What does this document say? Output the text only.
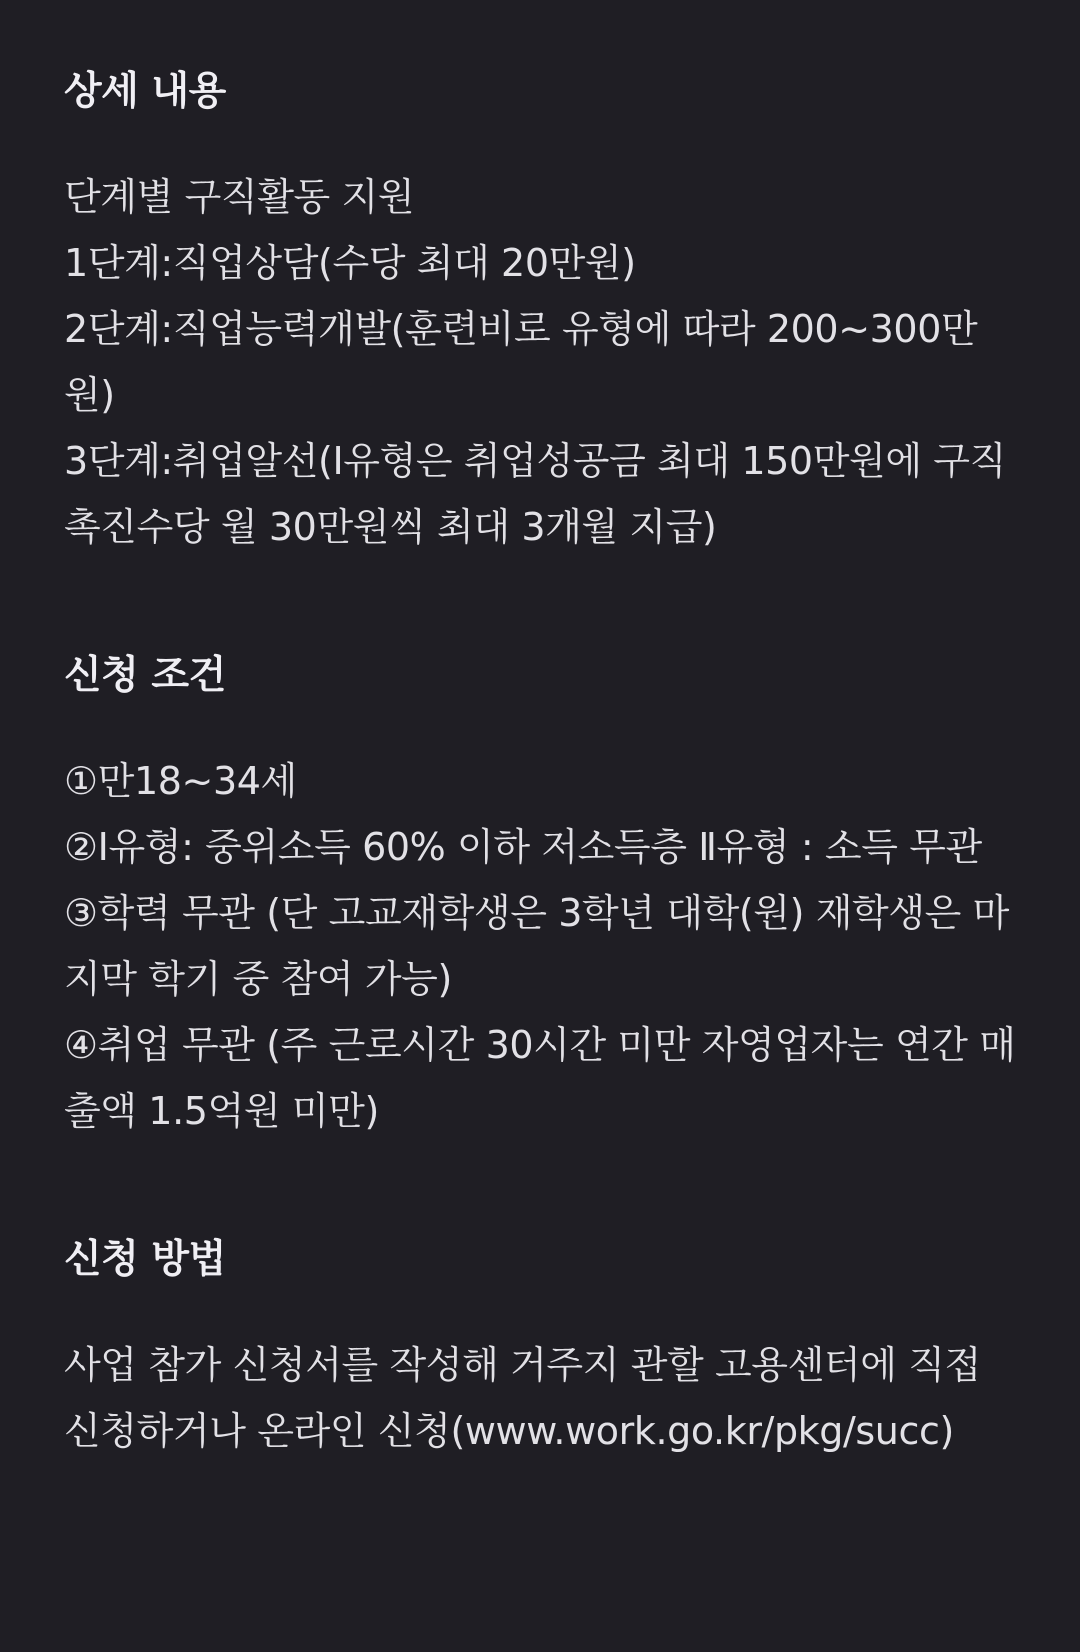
상세 내용
단계별 구직활동 지원
1단계:직업상담(수당 최대 20만원)
2단계:직업능력개발(훈련비로 유형에 따라 200~300만원)
3단계:취업알선(Ⅰ유형은 취업성공금 최대 150만원에 구직촉진수당 월 30만원씩 최대 3개월 지급)
신청 조건
①만18~34세
②Ⅰ유형: 중위소득 60% 이하 저소득층 Ⅱ유형 : 소득 무관
③학력 무관 (단 고교재학생은 3학년 대학(원) 재학생은 마지막 학기 중 참여 가능)
④취업 무관 (주 근로시간 30시간 미만 자영업자는 연간 매출액 1.5억원 미만)
신청 방법
사업 참가 신청서를 작성해 거주지 관할 고용센터에 직접 신청하거나 온라인 신청(www.work.go.kr/pkg/succ)
